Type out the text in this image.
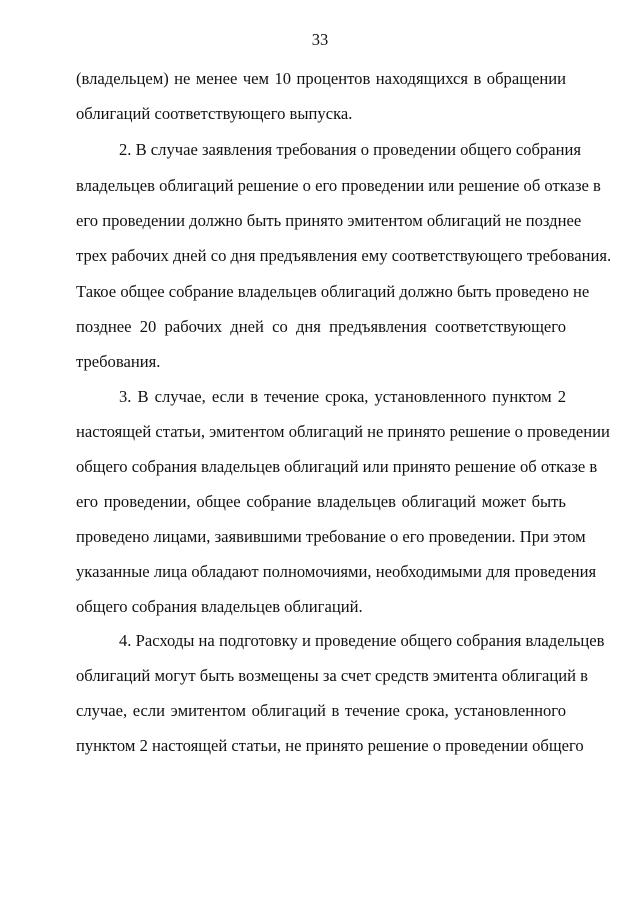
33
(владельцем) не менее чем 10 процентов находящихся в обращении
облигаций соответствующего выпуска.
2. В случае заявления требования о проведении общего собрания
владельцев облигаций решение о его проведении или решение об отказе в
его проведении должно быть принято эмитентом облигаций не позднее
трех рабочих дней со дня предъявления ему соответствующего требования.
Такое общее собрание владельцев облигаций должно быть проведено не
позднее 20 рабочих дней со дня предъявления соответствующего
требования.
3. В случае, если в течение срока, установленного пунктом 2
настоящей статьи, эмитентом облигаций не принято решение о проведении
общего собрания владельцев облигаций или принято решение об отказе в
его проведении, общее собрание владельцев облигаций может быть
проведено лицами, заявившими требование о его проведении. При этом
указанные лица обладают полномочиями, необходимыми для проведения
общего собрания владельцев облигаций.
4. Расходы на подготовку и проведение общего собрания владельцев
облигаций могут быть возмещены за счет средств эмитента облигаций в
случае, если эмитентом облигаций в течение срока, установленного
пунктом 2 настоящей статьи, не принято решение о проведении общего
